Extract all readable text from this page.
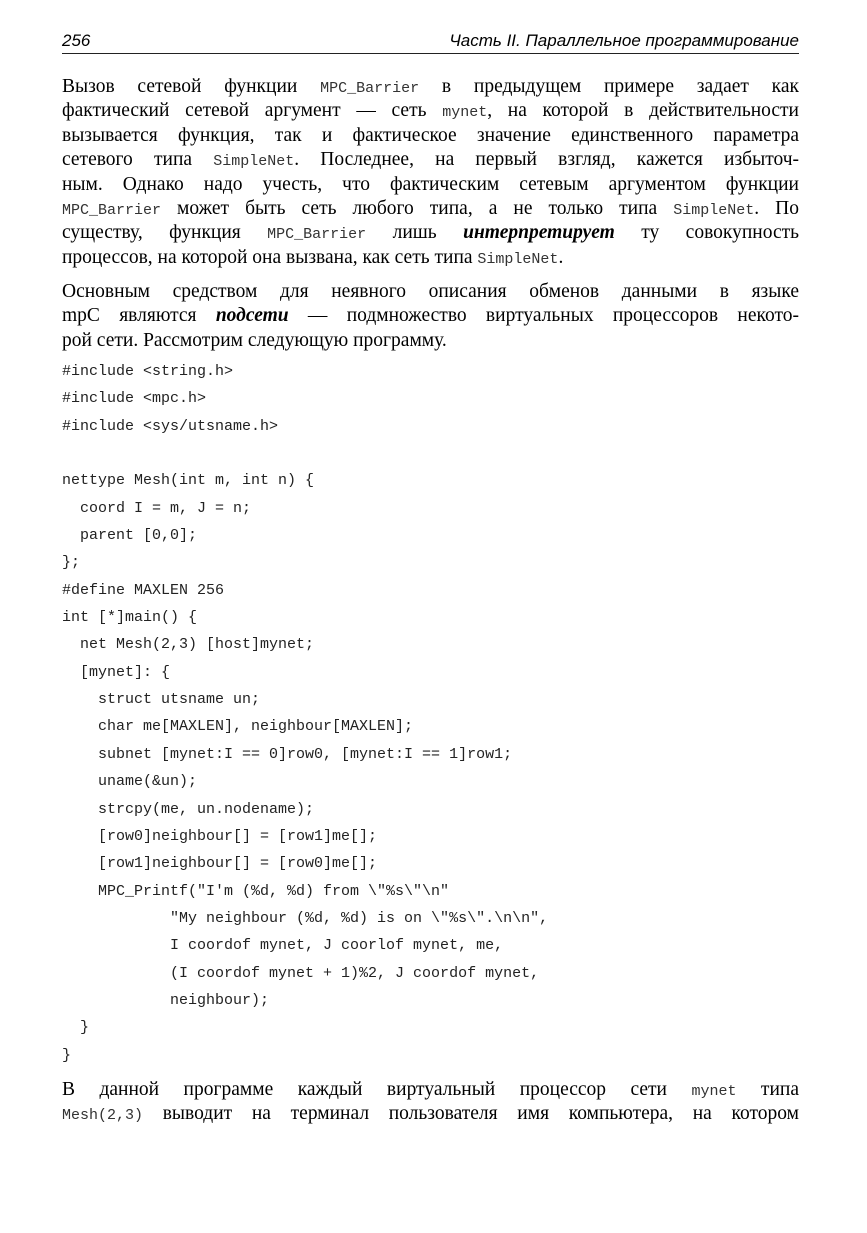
256	Часть II. Параллельное программирование
Вызов сетевой функции MPC_Barrier в предыдущем примере задает как
фактический сетевой аргумент — сеть mynet, на которой в действительности
вызывается функция, так и фактическое значение единственного параметра
сетевого типа SimpleNet. Последнее, на первый взгляд, кажется избыточ-
ным. Однако надо учесть, что фактическим сетевым аргументом функции
MPC_Barrier может быть сеть любого типа, а не только типа SimpleNet. По
существу, функция MPC_Barrier лишь интерпретирует ту совокупность
процессов, на которой она вызвана, как сеть типа SimpleNet.
Основным средством для неявного описания обменов данными в языке
mpC являются подсети — подмножество виртуальных процессоров некото-
рой сети. Рассмотрим следующую программу.
#include <string.h>
#include <mpc.h>
#include <sys/utsname.h>

nettype Mesh(int m, int n) {
coord I = m, J = n;
parent [0,0];
};
#define MAXLEN 256
int [*]main() {
net Mesh(2,3) [host]mynet;
[mynet]: {
struct utsname un;
char me[MAXLEN], neighbour[MAXLEN];
subnet [mynet:I == 0]row0, [mynet:I == 1]row1;
uname(&un);
strcpy(me, un.nodename);
[row0]neighbour[] = [row1]me[];
[row1]neighbour[] = [row0]me[];
MPC_Printf("I'm (%d, %d) from \"%s\"\n"
"My neighbour (%d, %d) is on \"%s\".\n\n",
I coordof mynet, J coorlof mynet, me,
(I coordof mynet + 1)%2, J coordof mynet,
neighbour);
}
}
В данной программе каждый виртуальный процессор сети mynet типа
Mesh(2,3) выводит на терминал пользователя имя компьютера, на котором
